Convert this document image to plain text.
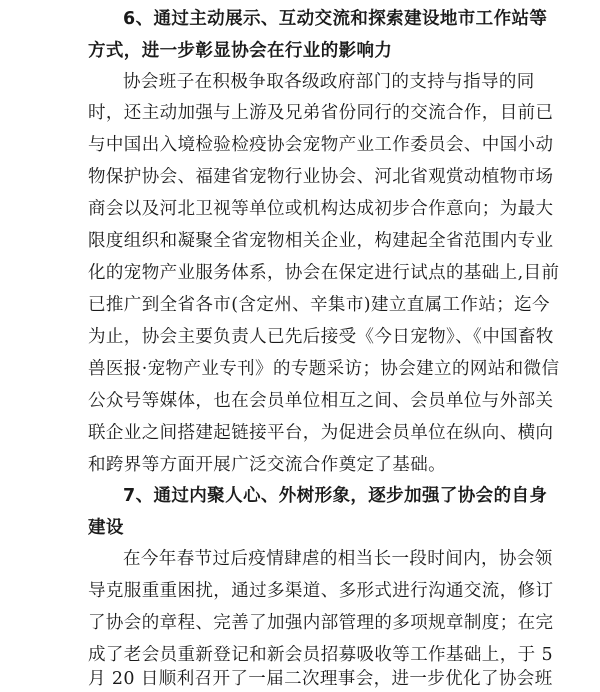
6、通过主动展示、互动交流和探索建设地市工作站等
方式，进一步彰显协会在行业的影响力
协会班子在积极争取各级政府部门的支持与指导的同
时，还主动加强与上游及兄弟省份同行的交流合作，目前已
与中国出入境检验检疫协会宠物产业工作委员会、中国小动
物保护协会、福建省宠物行业协会、河北省观赏动植物市场
商会以及河北卫视等单位或机构达成初步合作意向；为最大
限度组织和凝聚全省宠物相关企业，构建起全省范围内专业
化的宠物产业服务体系，协会在保定进行试点的基础上,目前
已推广到全省各市(含定州、辛集市)建立直属工作站；迄今
为止，协会主要负责人已先后接受《今日宠物》、《中国畜牧
兽医报·宠物产业专刊》的专题采访；协会建立的网站和微信
公众号等媒体，也在会员单位相互之间、会员单位与外部关
联企业之间搭建起链接平台，为促进会员单位在纵向、横向
和跨界等方面开展广泛交流合作奠定了基础。
7、通过内聚人心、外树形象，逐步加强了协会的自身
建设
在今年春节过后疫情肆虐的相当长一段时间内，协会领
导克服重重困扰，通过多渠道、多形式进行沟通交流，修订
了协会的章程、完善了加强内部管理的多项规章制度；在完
成了老会员重新登记和新会员招募吸收等工作基础上，于 5
月 20 日顺利召开了一届二次理事会，进一步优化了协会班
